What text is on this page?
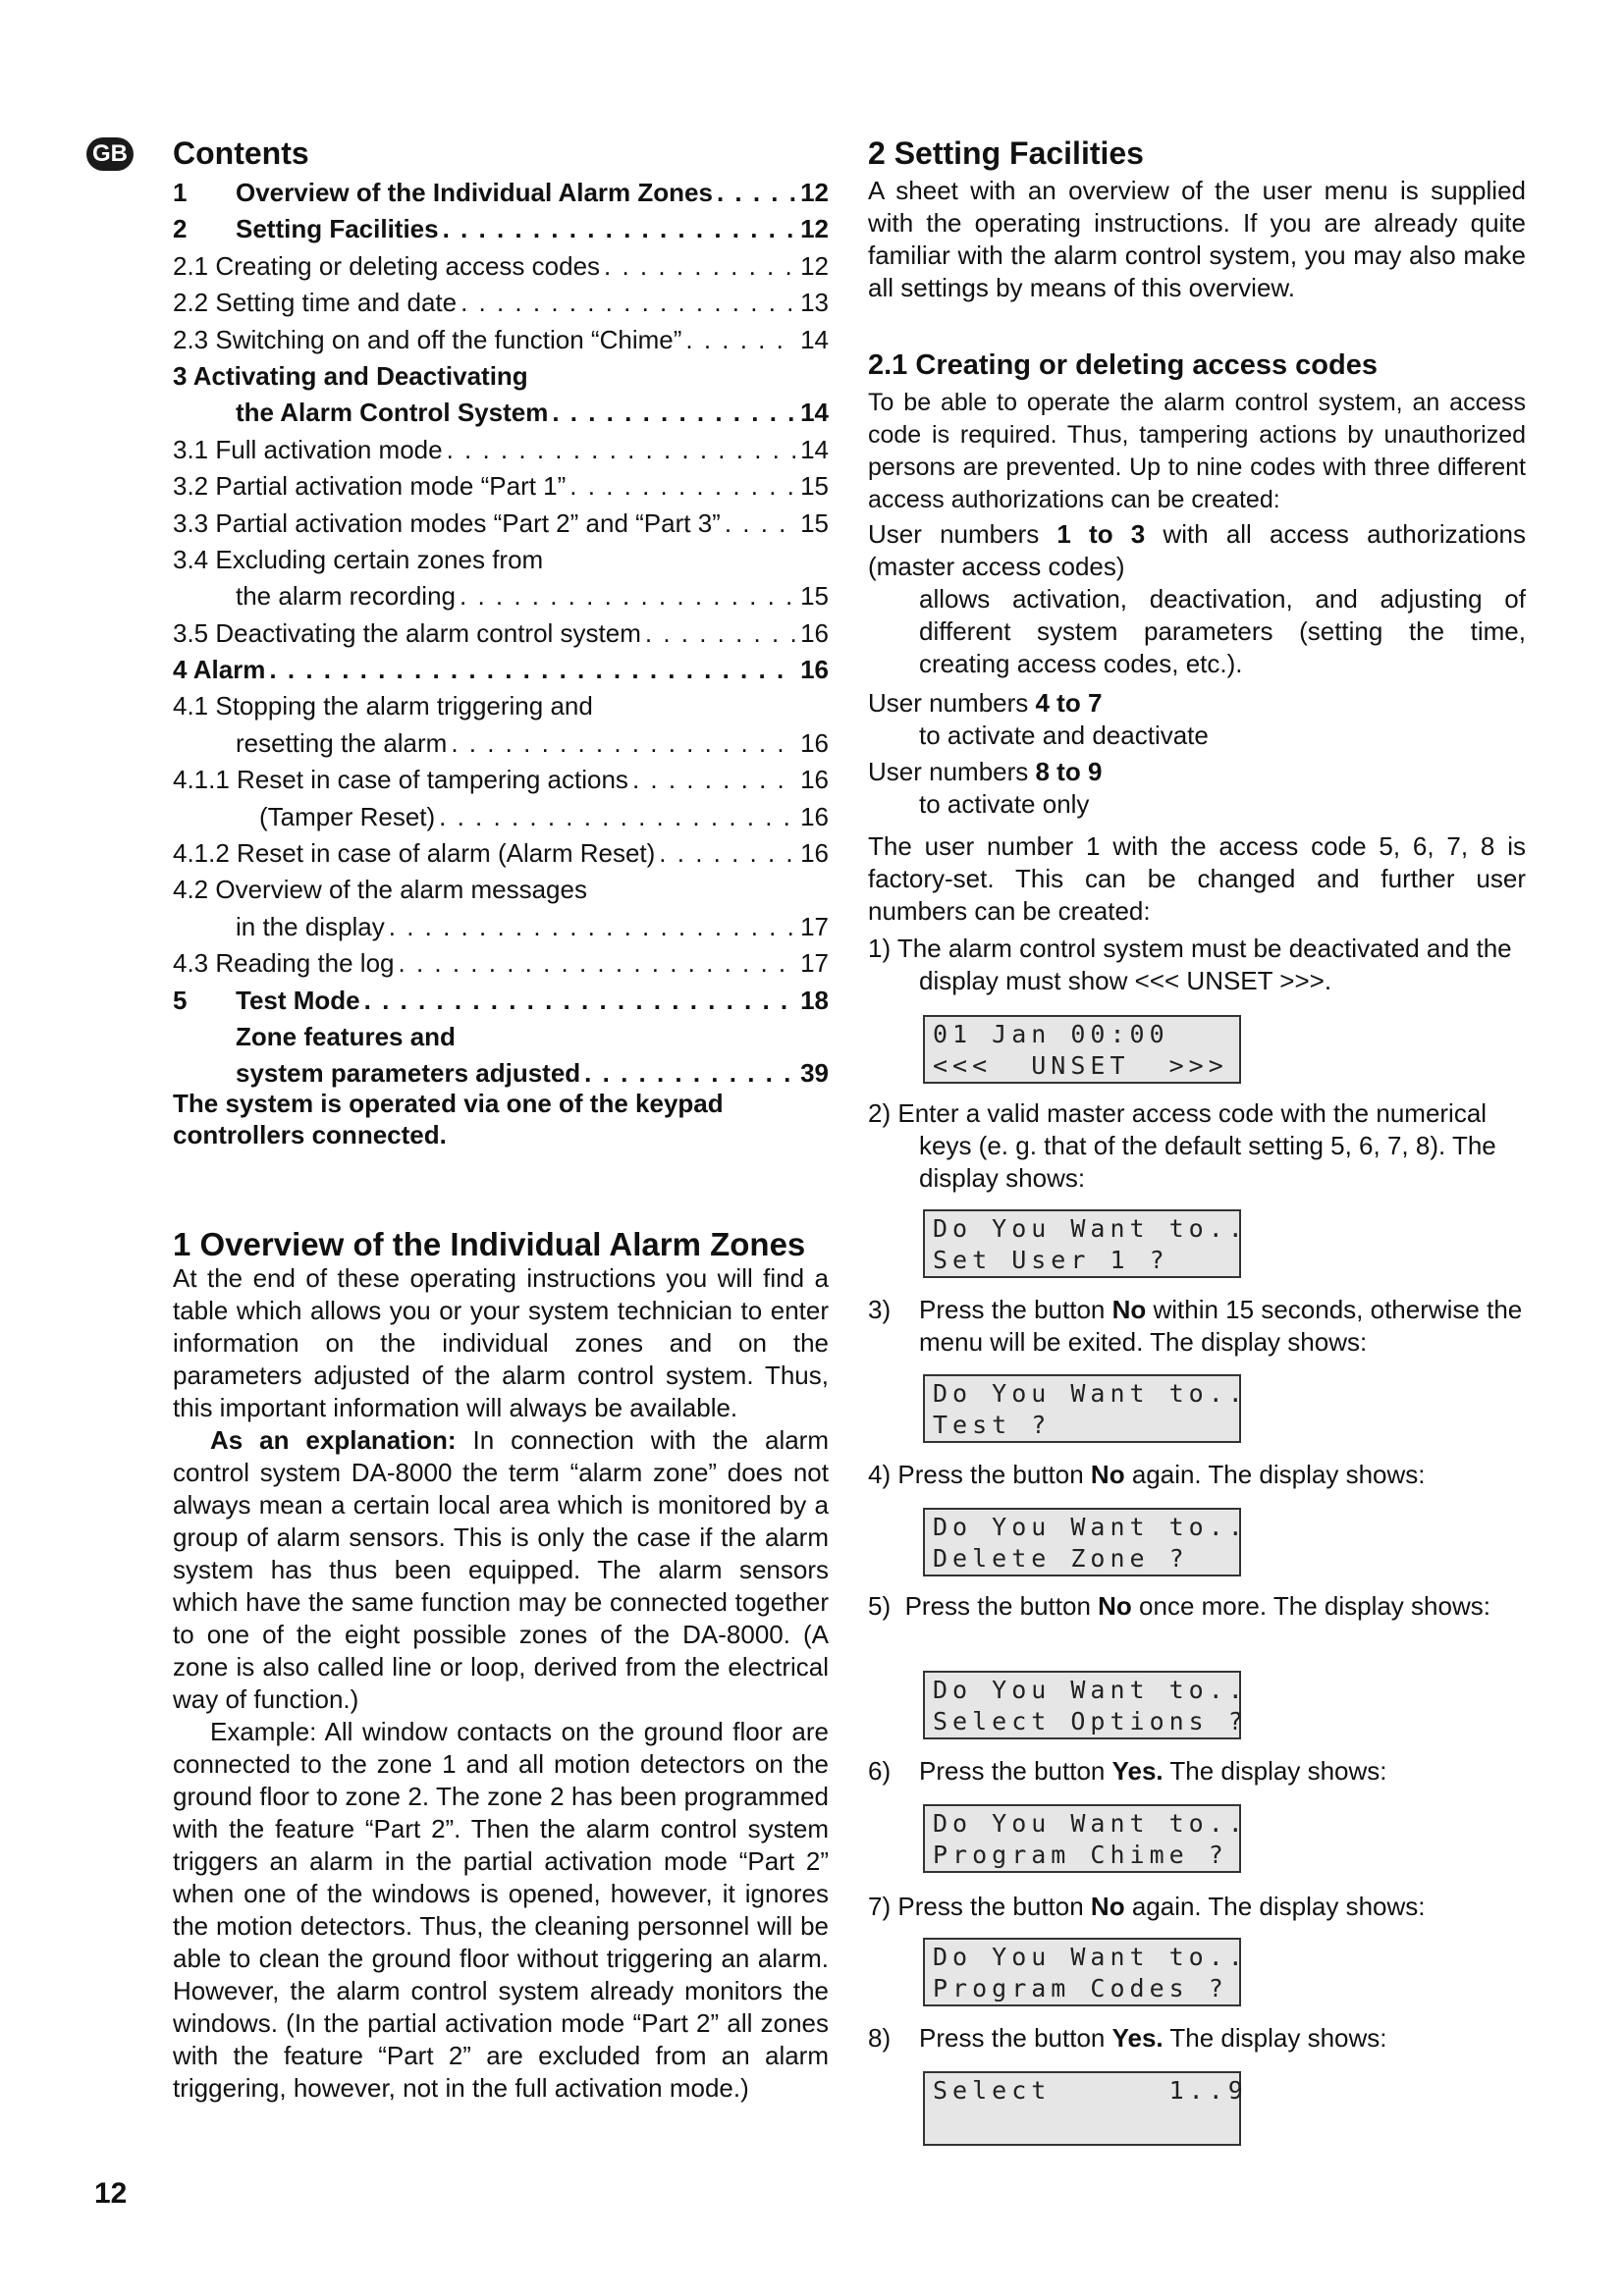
GB Contents
1 Overview of the Individual Alarm Zones . . .	12
2 Setting Facilities . . .	12
2.1 Creating or deleting access codes . . .	12
2.2 Setting time and date . . .	13
2.3 Switching on and off the function “Chime” . . .	14
3 Activating and Deactivating
the Alarm Control System . . .	14
3.1 Full activation mode . . .	14
3.2 Partial activation mode “Part 1” . . .	15
3.3 Partial activation modes “Part 2” and “Part 3” . . .	15
3.4 Excluding certain zones from
the alarm recording . . .	15
3.5 Deactivating the alarm control system . . .	16
4 Alarm . . .	16
4.1 Stopping the alarm triggering and
resetting the alarm . . .	16
4.1.1 Reset in case of tampering actions . . .	16
(Tamper Reset) . . .	16
4.1.2 Reset in case of alarm (Alarm Reset) . . .	16
4.2 Overview of the alarm messages
in the display . . .	17
4.3 Reading the log . . .	17
5 Test Mode . . .	18
Zone features and
system parameters adjusted . . .	39

The system is operated via one of the keypad controllers connected.

1 Overview of the Individual Alarm Zones

At the end of these operating instructions you will find a table which allows you or your system technician to enter information on the individual zones and on the parameters adjusted of the alarm control system. Thus, this important information will always be available.

As an explanation: In connection with the alarm control system DA-8000 the term “alarm zone” does not always mean a certain local area which is monitored by a group of alarm sensors. This is only the case if the alarm system has thus been equipped. The alarm sensors which have the same function may be connected together to one of the eight possible zones of the DA-8000. (A zone is also called line or loop, derived from the electrical way of function.)

Example: All window contacts on the ground floor are connected to the zone 1 and all motion detectors on the ground floor to zone 2. The zone 2 has been programmed with the feature “Part 2”. Then the alarm control system triggers an alarm in the partial activation mode “Part 2” when one of the windows is opened, however, it ignores the motion detectors. Thus, the cleaning personnel will be able to clean the ground floor without triggering an alarm. However, the alarm control system already monitors the windows. (In the partial activation mode “Part 2” all zones with the feature “Part 2” are excluded from an alarm triggering, however, not in the full activation mode.)

2 Setting Facilities

A sheet with an overview of the user menu is supplied with the operating instructions. If you are already quite familiar with the alarm control system, you may also make all settings by means of this overview.

2.1 Creating or deleting access codes

To be able to operate the alarm control system, an access code is required. Thus, tampering actions by unauthorized persons are prevented. Up to nine codes with three different access authorizations can be created:

User numbers 1 to 3 with all access authorizations (master access codes)

allows activation, deactivation, and adjusting of different system parameters (setting the time, creating access codes, etc.).

User numbers 4 to 7

to activate and deactivate

User numbers 8 to 9

to activate only

The user number 1 with the access code 5, 6, 7, 8 is factory-set. This can be changed and further user numbers can be created:

1) The alarm control system must be deactivated and the display must show <<< UNSET >>>.

01 Jan 00:00
<<<  UNSET  >>>

2) Enter a valid master access code with the numerical keys (e. g. that of the default setting 5, 6, 7, 8). The display shows:

Do You Want to..
Set User 1 ?

3) Press the button No within 15 seconds, otherwise the menu will be exited. The display shows:

Do You Want to..
Test ?

4) Press the button No again. The display shows:

Do You Want to..
Delete Zone ?

5) Press the button No once more. The display shows:

Do You Want to..
Select Options ?

6) Press the button Yes. The display shows:

Do You Want to..
Program Chime ?

7) Press the button No again. The display shows:

Do You Want to..
Program Codes ?

8) Press the button Yes. The display shows:

Select      1..9
12
